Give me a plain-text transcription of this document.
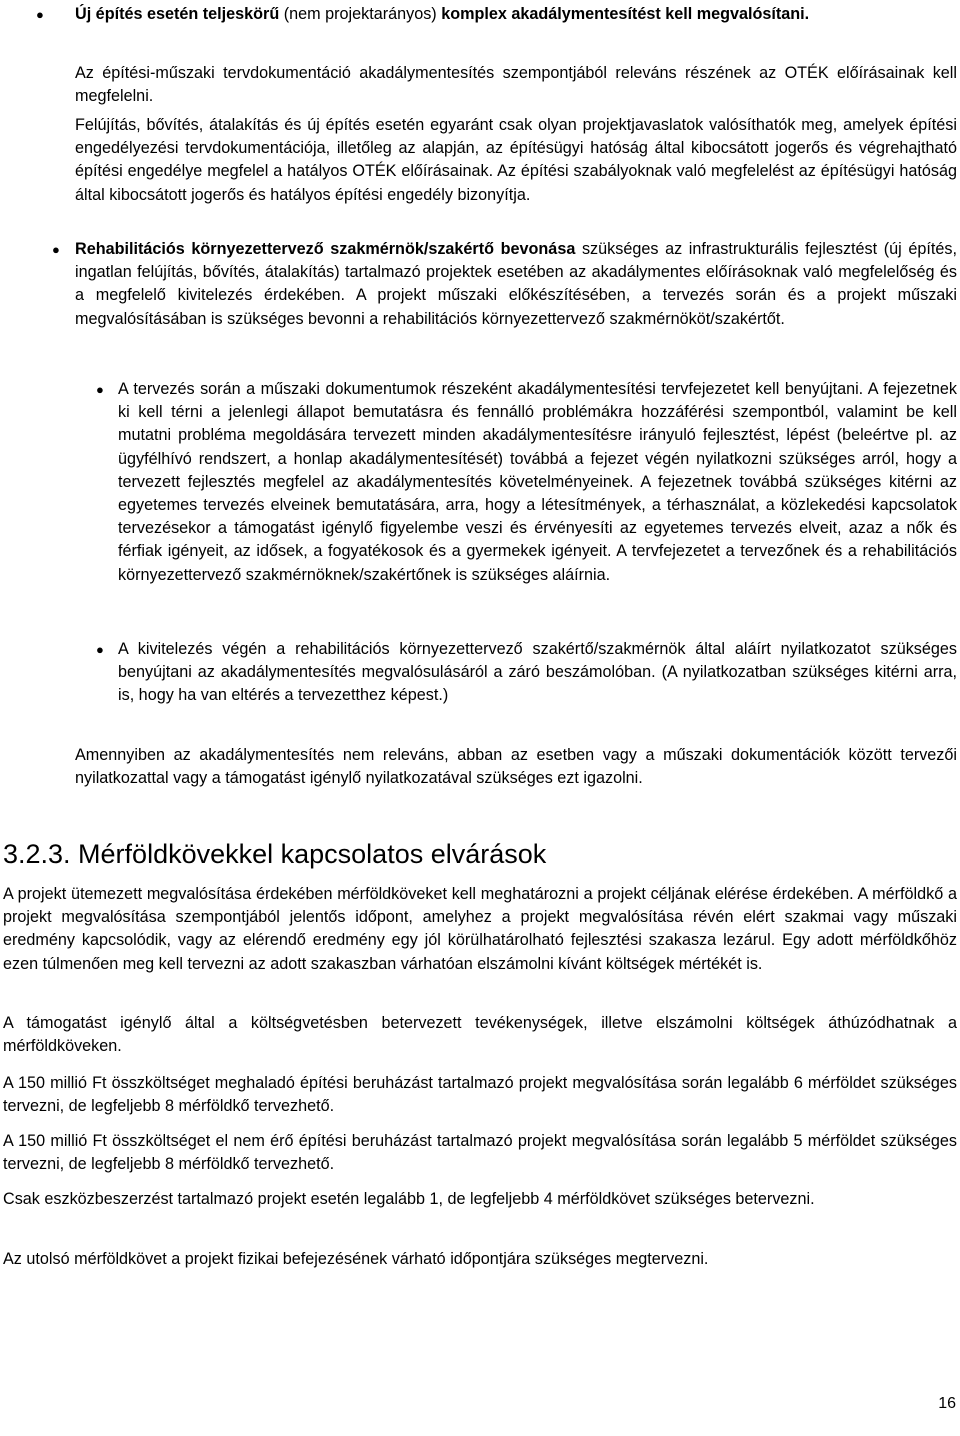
● Új építés esetén teljeskörű (nem projektarányos) komplex akadálymentesítést kell megvalósítani.
Az építési-műszaki tervdokumentáció akadálymentesítés szempontjából releváns részének az OTÉK előírásainak kell megfelelni.
Felújítás, bővítés, átalakítás és új építés esetén egyaránt csak olyan projektjavaslatok valósíthatók meg, amelyek építési engedélyezési tervdokumentációja, illetőleg az alapján, az építésügyi hatóság által kibocsátott jogerős és végrehajtható építési engedélye megfelel a hatályos OTÉK előírásainak. Az építési szabályoknak való megfelelést az építésügyi hatóság által kibocsátott jogerős és hatályos építési engedély bizonyítja.
● Rehabilitációs környezettervező szakmérnök/szakértő bevonása szükséges az infrastrukturális fejlesztést (új építés, ingatlan felújítás, bővítés, átalakítás) tartalmazó projektek esetében az akadálymentes előírásoknak való megfelelőség és a megfelelő kivitelezés érdekében. A projekt műszaki előkészítésében, a tervezés során és a projekt műszaki megvalósításában is szükséges bevonni a rehabilitációs környezettervező szakmérnököt/szakértőt.
● A tervezés során a műszaki dokumentumok részeként akadálymentesítési tervfejezetet kell benyújtani. A fejezetnek ki kell térni a jelenlegi állapot bemutatásra és fennálló problémákra hozzáférési szempontból, valamint be kell mutatni probléma megoldására tervezett minden akadálymentesítésre irányuló fejlesztést, lépést (beleértve pl. az ügyfélhívó rendszert, a honlap akadálymentesítését) továbbá a fejezet végén nyilatkozni szükséges arról, hogy a tervezett fejlesztés megfelel az akadálymentesítés követelményeinek. A fejezetnek továbbá szükséges kitérni az egyetemes tervezés elveinek bemutatására, arra, hogy a létesítmények, a térhasználat, a közlekedési kapcsolatok tervezésekor a támogatást igénylő figyelembe veszi és érvényesíti az egyetemes tervezés elveit, azaz a nők és férfiak igényeit, az idősek, a fogyatékosok és a gyermekek igényeit. A tervfejezetet a tervezőnek és a rehabilitációs környezettervező szakmérnöknek/szakértőnek is szükséges aláírnia.
● A kivitelezés végén a rehabilitációs környezettervező szakértő/szakmérnök által aláírt nyilatkozatot szükséges benyújtani az akadálymentesítés megvalósulásáról a záró beszámolóban. (A nyilatkozatban szükséges kitérni arra, is, hogy ha van eltérés a tervezetthez képest.)
Amennyiben az akadálymentesítés nem releváns, abban az esetben vagy a műszaki dokumentációk között tervezői nyilatkozattal vagy a támogatást igénylő nyilatkozatával szükséges ezt igazolni.
3.2.3. Mérföldkövekkel kapcsolatos elvárások
A projekt ütemezett megvalósítása érdekében mérföldköveket kell meghatározni a projekt céljának elérése érdekében. A mérföldkő a projekt megvalósítása szempontjából jelentős időpont, amelyhez a projekt megvalósítása révén elért szakmai vagy műszaki eredmény kapcsolódik, vagy az elérendő eredmény egy jól körülhatárolható fejlesztési szakasza lezárul. Egy adott mérföldkőhöz ezen túlmenően meg kell tervezni az adott szakaszban várhatóan elszámolni kívánt költségek mértékét is.
A támogatást igénylő által a költségvetésben betervezett tevékenységek, illetve elszámolni költségek áthúzódhatnak a mérföldköveken.
A 150 millió Ft összköltséget meghaladó építési beruházást tartalmazó projekt megvalósítása során legalább 6 mérföldet szükséges tervezni, de legfeljebb 8 mérföldkő tervezhető.
A 150 millió Ft összköltséget el nem érő építési beruházást tartalmazó projekt megvalósítása során legalább 5 mérföldet szükséges tervezni, de legfeljebb 8 mérföldkő tervezhető.
Csak eszközbeszerzést tartalmazó projekt esetén legalább 1, de legfeljebb 4 mérföldkövet szükséges betervezni.
Az utolsó mérföldkövet a projekt fizikai befejezésének várható időpontjára szükséges megtervezni.
16
